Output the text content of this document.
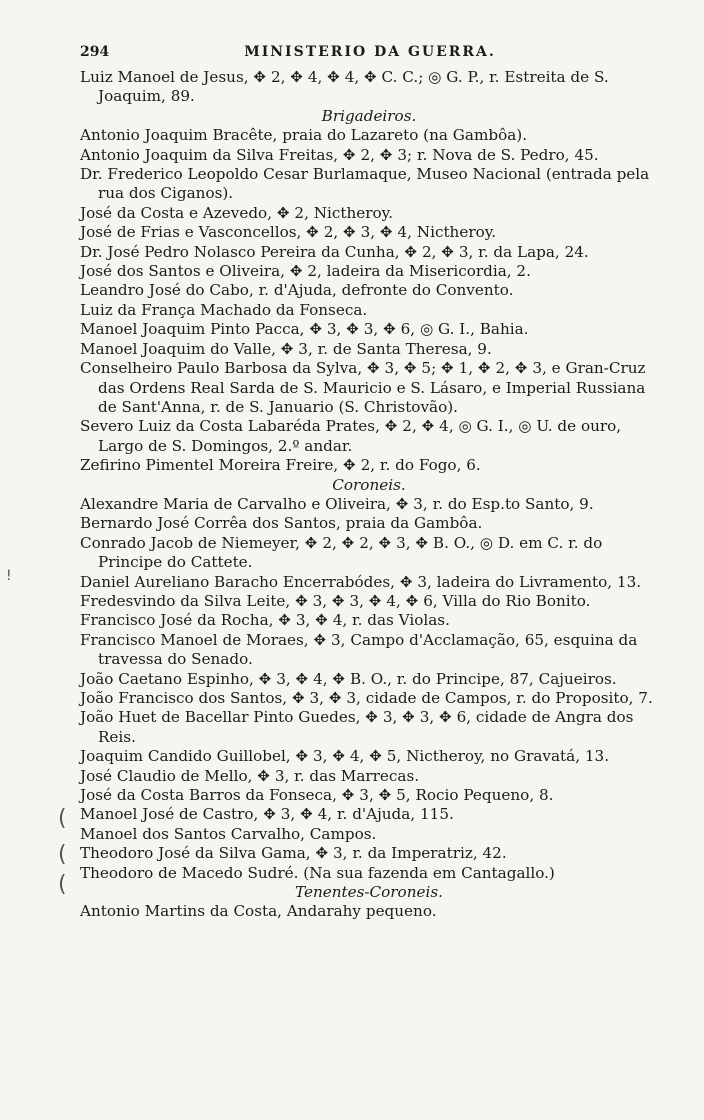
294	MINISTERIO DA GUERRA.

Luiz Manoel de Jesus, ✥ 2, ✥ 4, ✥ 4, ✥ C. C.; ◎ G. P., r. Estreita de S. Joaquim, 89.

Brigadeiros.

Antonio Joaquim Bracête, praia do Lazareto (na Gambôa).

Antonio Joaquim da Silva Freitas, ✥ 2, ✥ 3; r. Nova de S. Pedro, 45.

Dr. Frederico Leopoldo Cesar Burlamaque, Museo Nacional (entrada pela rua dos Ciganos).

José da Costa e Azevedo, ✥ 2, Nictheroy.

José de Frias e Vasconcellos, ✥ 2, ✥ 3, ✥ 4, Nictheroy.

Dr. José Pedro Nolasco Pereira da Cunha, ✥ 2, ✥ 3, r. da Lapa, 24.

José dos Santos e Oliveira, ✥ 2, ladeira da Misericordia, 2.

Leandro José do Cabo, r. d'Ajuda, defronte do Convento.

Luiz da França Machado da Fonseca.

Manoel Joaquim Pinto Pacca, ✥ 3, ✥ 3, ✥ 6, ◎ G. I., Bahia.

Manoel Joaquim do Valle, ✥ 3, r. de Santa Theresa, 9.

Conselheiro Paulo Barbosa da Sylva, ✥ 3, ✥ 5; ✥ 1, ✥ 2, ✥ 3, e Gran-Cruz das Ordens Real Sarda de S. Mauricio e S. Lásaro, e Imperial Russiana de Sant'Anna, r. de S. Januario (S. Christovão).

Severo Luiz da Costa Labaréda Prates, ✥ 2, ✥ 4, ◎ G. I., ◎ U. de ouro, Largo de S. Domingos, 2.º andar.

Zefirino Pimentel Moreira Freire, ✥ 2, r. do Fogo, 6.

Coroneis.

Alexandre Maria de Carvalho e Oliveira, ✥ 3, r. do Esp.to Santo, 9.

Bernardo José Corrêa dos Santos, praia da Gambôa.

Conrado Jacob de Niemeyer, ✥ 2, ✥ 2, ✥ 3, ✥ B. O., ◎ D. em C. r. do Principe do Cattete.

Daniel Aureliano Baracho Encerrabódes, ✥ 3, ladeira do Livramento, 13.

Fredesvindo da Silva Leite, ✥ 3, ✥ 3, ✥ 4, ✥ 6, Villa do Rio Bonito.

Francisco José da Rocha, ✥ 3, ✥ 4, r. das Violas.

Francisco Manoel de Moraes, ✥ 3, Campo d'Acclamação, 65, esquina da travessa do Senado.

João Caetano Espinho, ✥ 3, ✥ 4, ✥ B. O., r. do Principe, 87, Cajueiros.

João Francisco dos Santos, ✥ 3, ✥ 3, cidade de Campos, r. do Proposito, 7.

João Huet de Bacellar Pinto Guedes, ✥ 3, ✥ 3, ✥ 6, cidade de Angra dos Reis.

Joaquim Candido Guillobel, ✥ 3, ✥ 4, ✥ 5, Nictheroy, no Gravatá, 13.

José Claudio de Mello, ✥ 3, r. das Marrecas.

José da Costa Barros da Fonseca, ✥ 3, ✥ 5, Rocio Pequeno, 8.

Manoel José de Castro, ✥ 3, ✥ 4, r. d'Ajuda, 115.

Manoel dos Santos Carvalho, Campos.

Theodoro José da Silva Gama, ✥ 3, r. da Imperatriz, 42.

Theodoro de Macedo Sudré. (Na sua fazenda em Cantagallo.)

Tenentes-Coroneis.

Antonio Martins da Costa, Andarahy pequeno.

(
(
(
!
